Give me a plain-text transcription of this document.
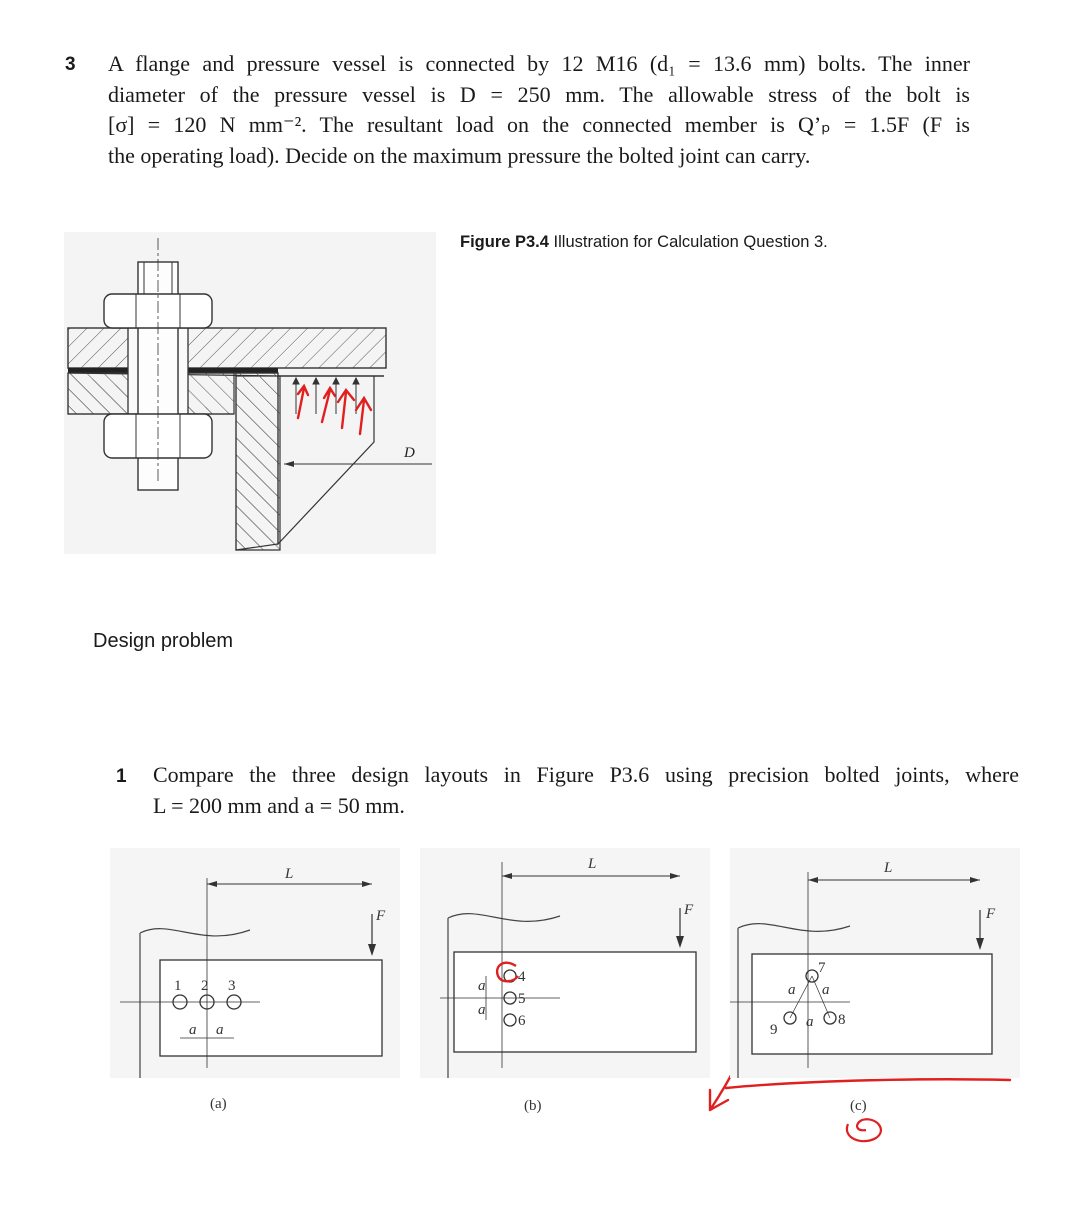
3 A flange and pressure vessel is connected by 12 M16 (d₁ = 13.6 mm) bolts. The inner
diameter of the pressure vessel is D = 250 mm. The allowable stress of the bolt is
[σ] = 120 N mm⁻². The resultant load on the connected member is Q’ₚ = 1.5F (F is
the operating load). Decide on the maximum pressure the bolted joint can carry.
Figure P3.4 Illustration for Calculation Question 3.
D
Design problem
1 Compare the three design layouts in Figure P3.6 using precision bolted joints, where
L = 200 mm and a = 50 mm.
L
F
1 2 3
a a
(a)
L
F
4
5
6
a
a
(b)
L
F
7
8
9
a a
a
(c)
